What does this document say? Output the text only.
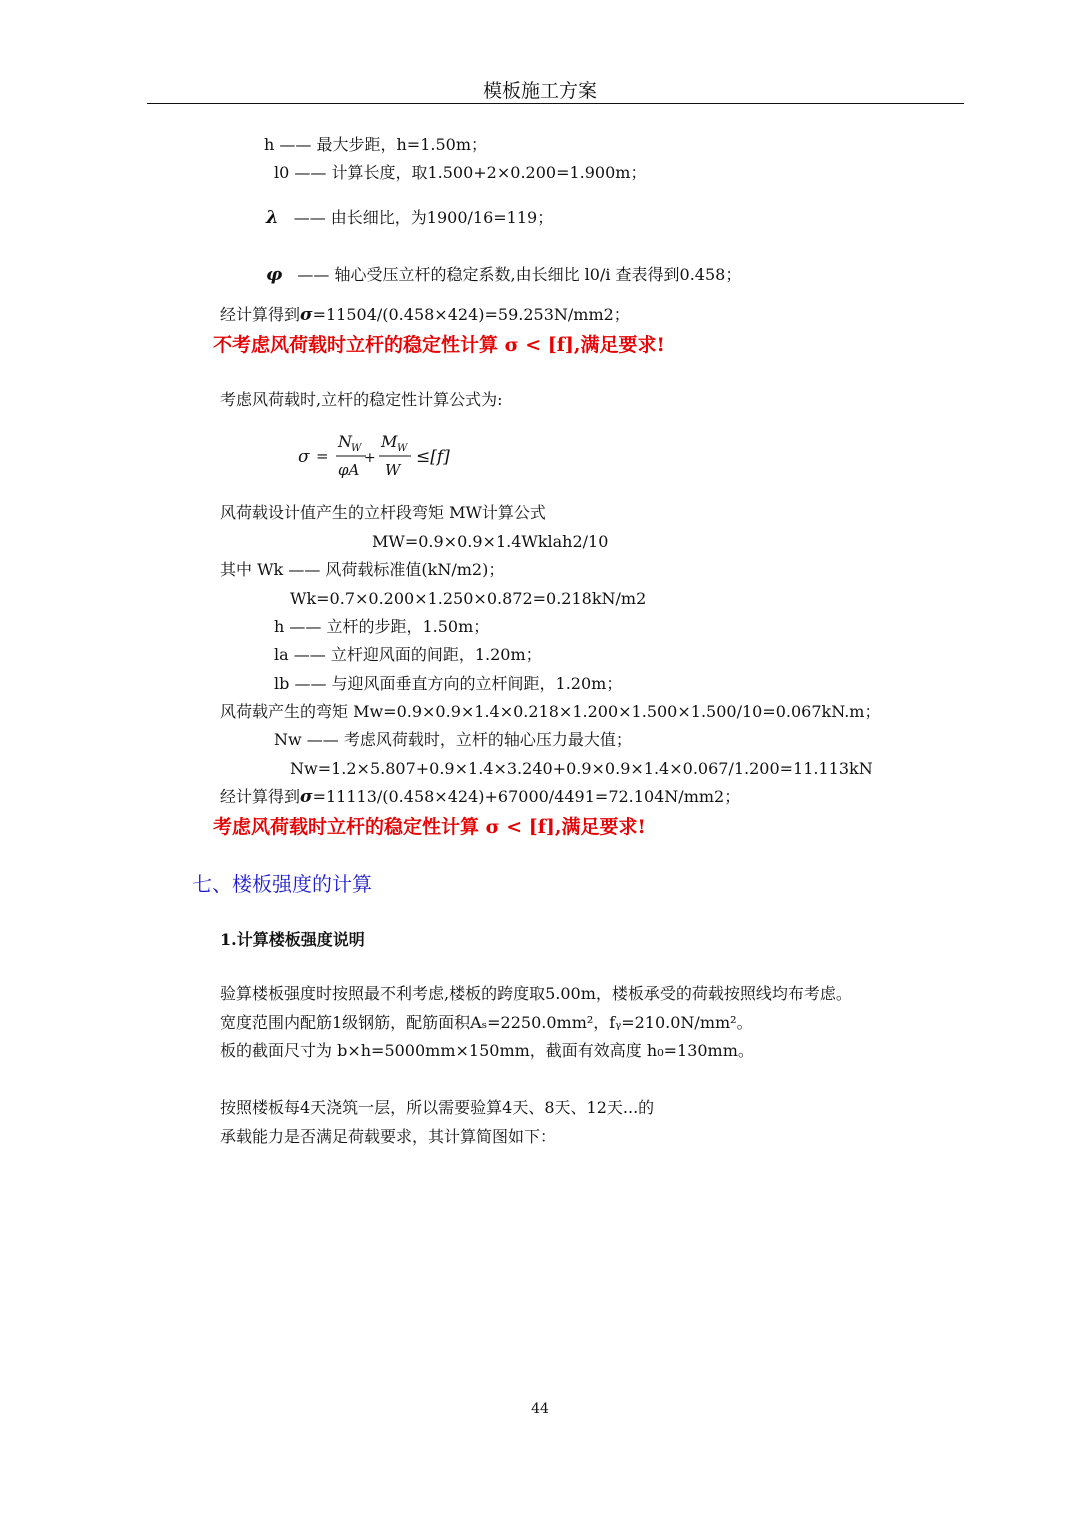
模板施工方案
h —— 最大步距，h=1.50m；
l0 —— 计算长度，取1.500+2×0.200=1.900m；
λ —— 由长细比，为1900/16=119；
φ —— 轴心受压立杆的稳定系数,由长细比 l0/i 查表得到0.458；
经计算得到σ=11504/(0.458×424)=59.253N/mm2；
不考虑风荷载时立杆的稳定性计算 σ < [f],满足要求!
考虑风荷载时,立杆的稳定性计算公式为:
σ =
N W
φA
+
M W
W
≤[f]
风荷载设计值产生的立杆段弯矩 MW计算公式
MW=0.9×0.9×1.4Wklah2/10
其中 Wk —— 风荷载标准值(kN/m2)；
Wk=0.7×0.200×1.250×0.872=0.218kN/m2
h —— 立杆的步距，1.50m；
la —— 立杆迎风面的间距，1.20m；
lb —— 与迎风面垂直方向的立杆间距，1.20m；
风荷载产生的弯矩 Mw=0.9×0.9×1.4×0.218×1.200×1.500×1.500/10=0.067kN.m；
Nw —— 考虑风荷载时，立杆的轴心压力最大值；
Nw=1.2×5.807+0.9×1.4×3.240+0.9×0.9×1.4×0.067/1.200=11.113kN
经计算得到σ=11113/(0.458×424)+67000/4491=72.104N/mm2；
考虑风荷载时立杆的稳定性计算 σ < [f],满足要求!
七、楼板强度的计算
1.计算楼板强度说明
验算楼板强度时按照最不利考虑,楼板的跨度取5.00m，楼板承受的荷载按照线均布考虑。
宽度范围内配筋1级钢筋，配筋面积Aₛ=2250.0mm²，fᵧ=210.0N/mm²。
板的截面尺寸为 b×h=5000mm×150mm，截面有效高度 h₀=130mm。
按照楼板每4天浇筑一层，所以需要验算4天、8天、12天...的
承载能力是否满足荷载要求，其计算简图如下：
44
